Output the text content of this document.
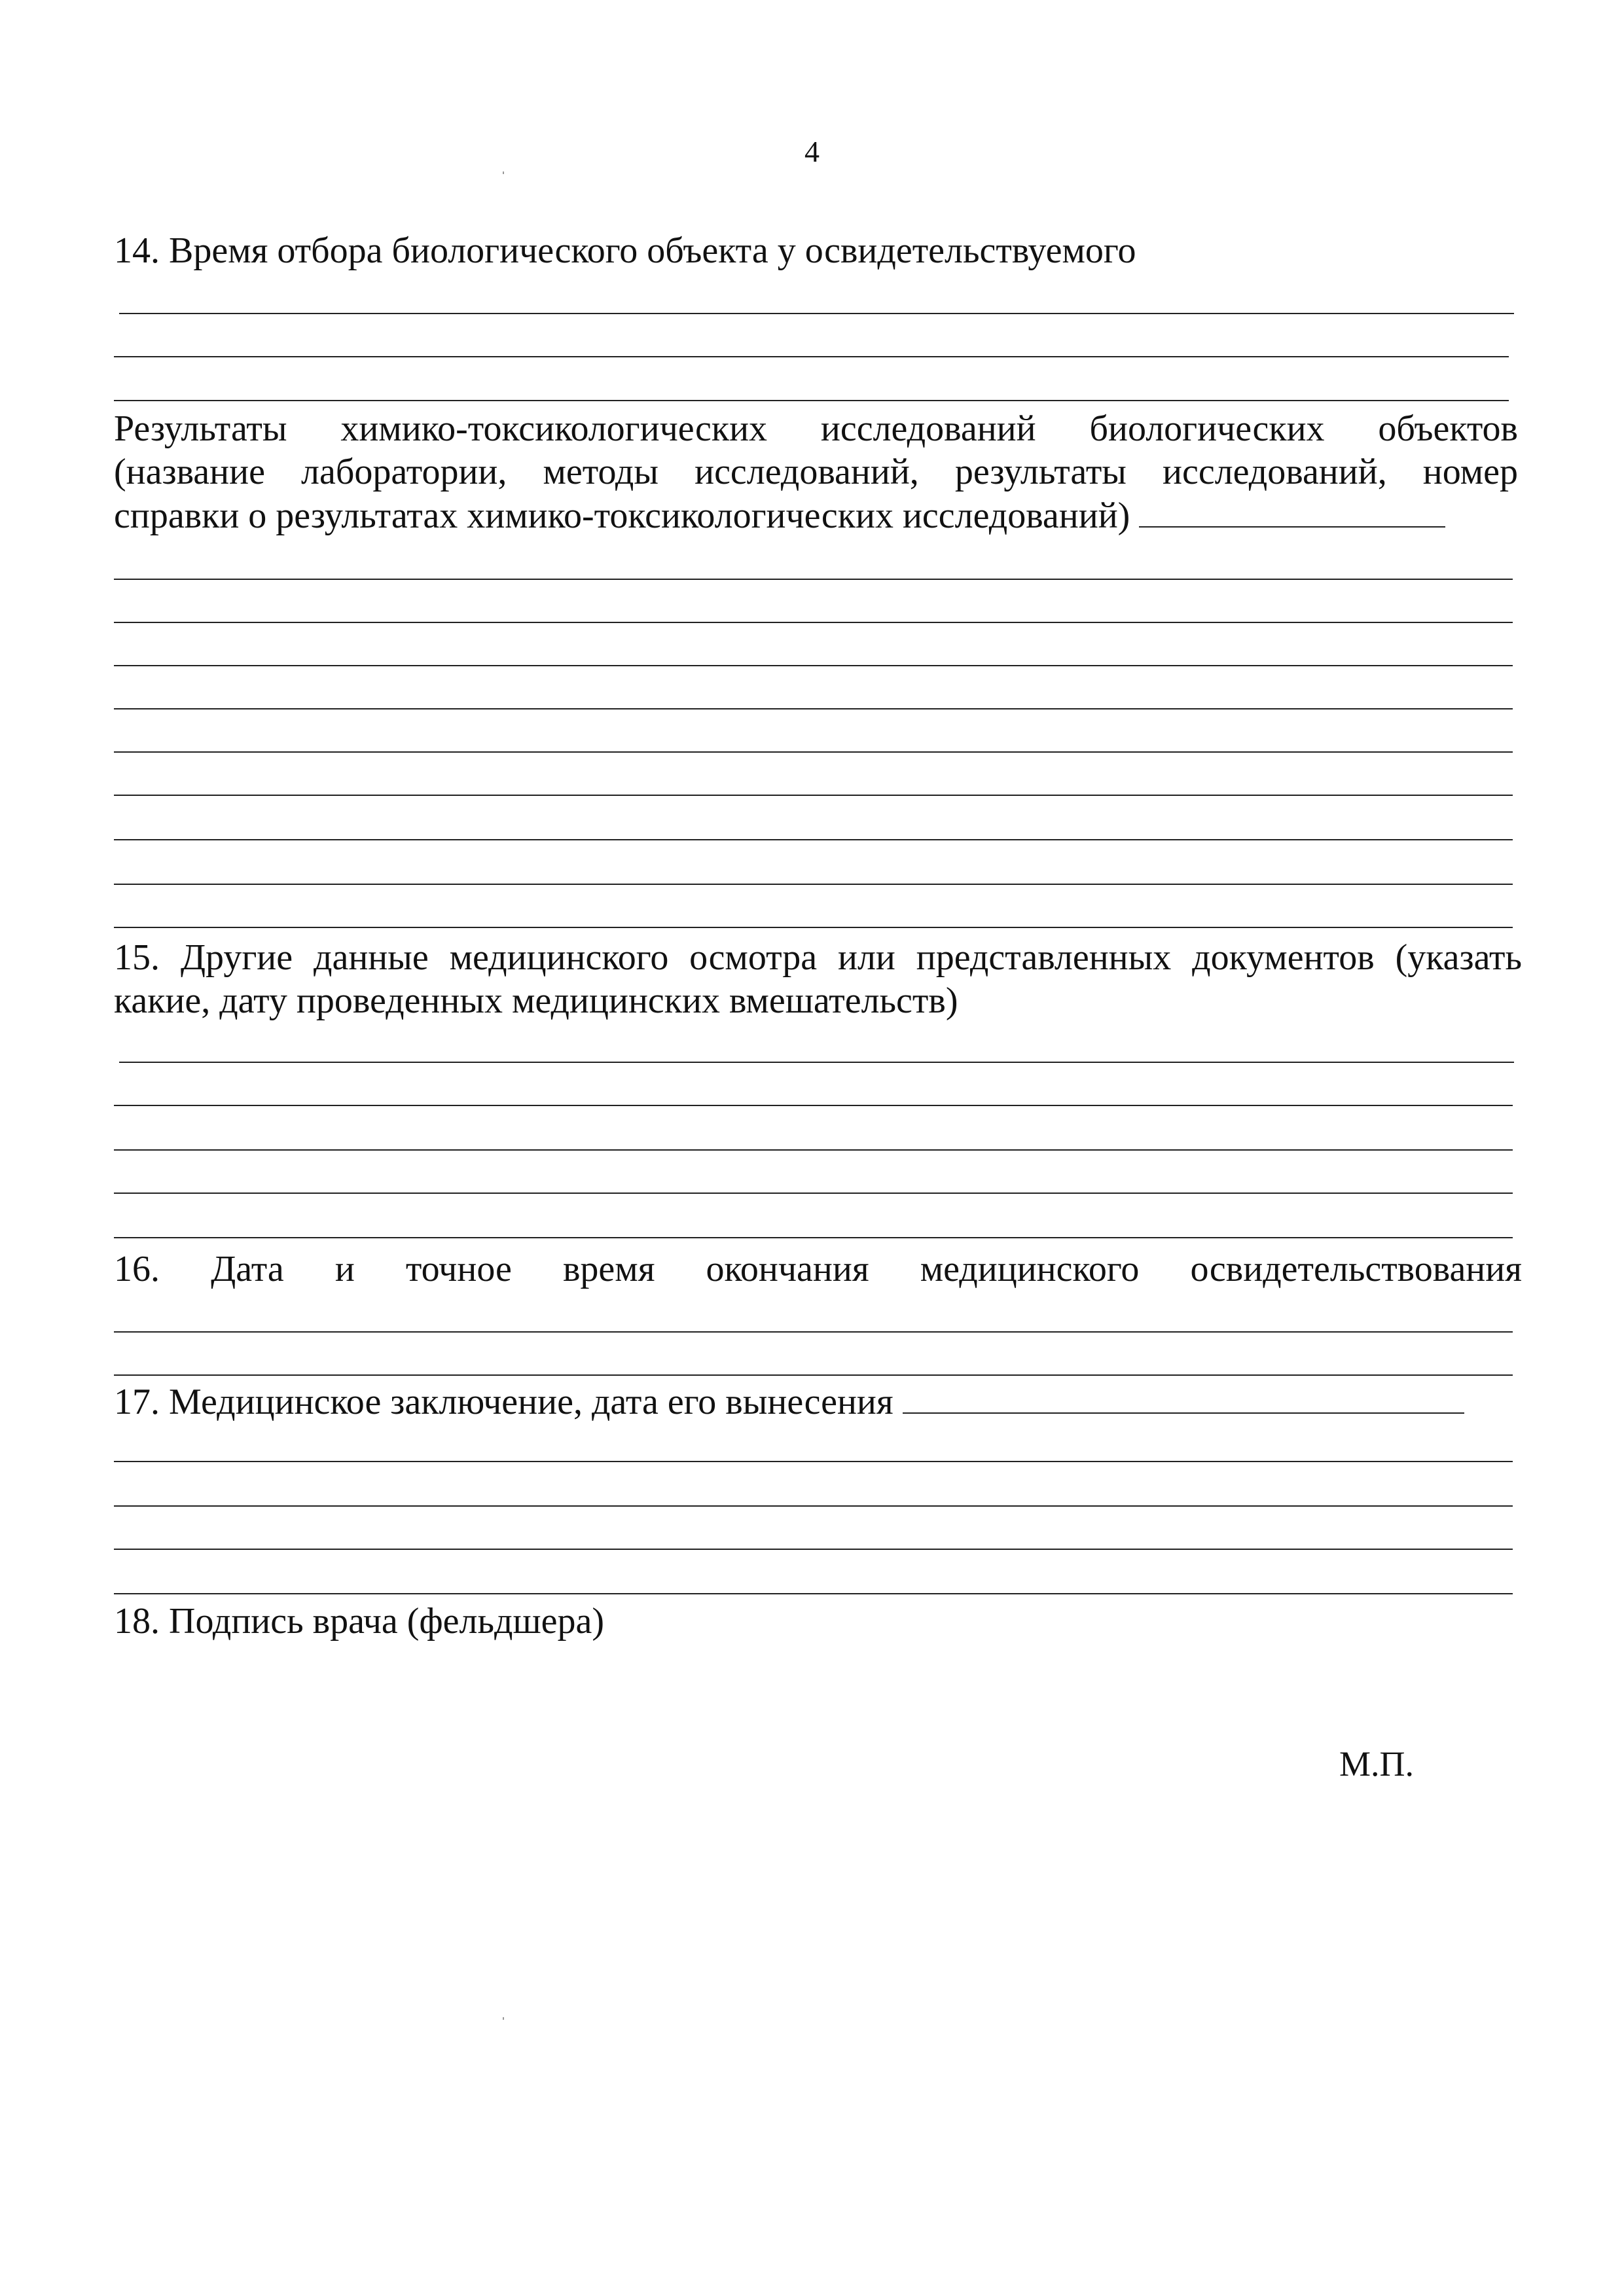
4
14. Время отбора биологического объекта у освидетельствуемого
Результаты химико-токсикологических исследований биологических объектов
(название лаборатории, методы исследований, результаты исследований, номер
справки о результатах химико-токсикологических исследований)
15. Другие данные медицинского осмотра или представленных документов (указать
какие, дату проведенных медицинских вмешательств)
16. Дата и точное время окончания медицинского освидетельствования
17. Медицинское заключение, дата его вынесения
18. Подпись врача (фельдшера)
М.П.
